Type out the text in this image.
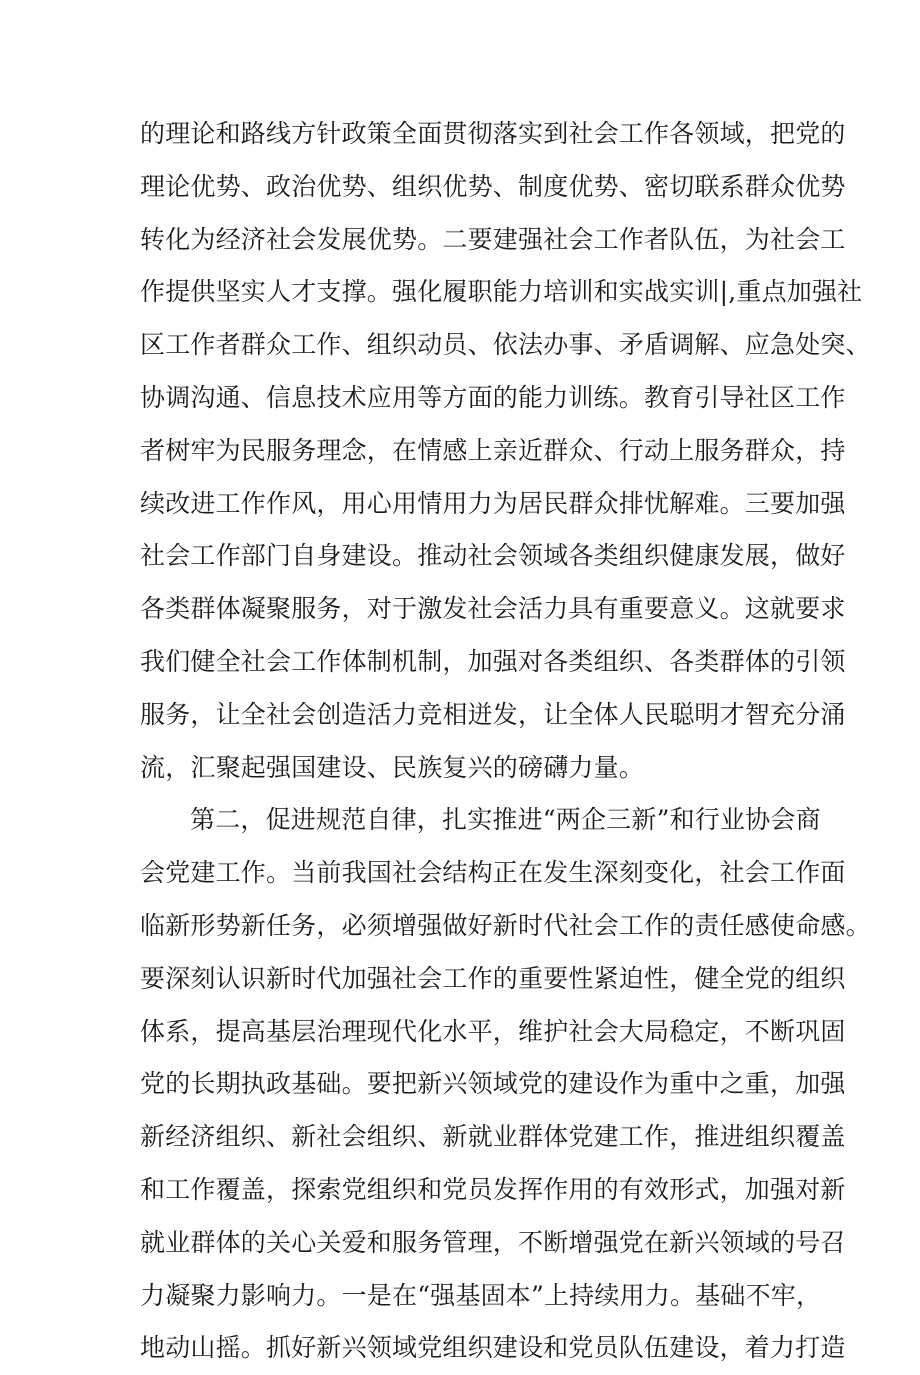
的理论和路线方针政策全面贯彻落实到社会工作各领域，把党的
理论优势、政治优势、组织优势、制度优势、密切联系群众优势
转化为经济社会发展优势。二要建强社会工作者队伍，为社会工
作提供坚实人才支撑。强化履职能力培训和实战实训|,重点加强社
区工作者群众工作、组织动员、依法办事、矛盾调解、应急处突、
协调沟通、信息技术应用等方面的能力训练。教育引导社区工作
者树牢为民服务理念，在情感上亲近群众、行动上服务群众，持
续改进工作作风，用心用情用力为居民群众排忧解难。三要加强
社会工作部门自身建设。推动社会领域各类组织健康发展，做好
各类群体凝聚服务，对于激发社会活力具有重要意义。这就要求
我们健全社会工作体制机制，加强对各类组织、各类群体的引领
服务，让全社会创造活力竞相迸发，让全体人民聪明才智充分涌
流，汇聚起强国建设、民族复兴的磅礴力量。
第二，促进规范自律，扎实推进“两企三新”和行业协会商
会党建工作。当前我国社会结构正在发生深刻变化，社会工作面
临新形势新任务，必须增强做好新时代社会工作的责任感使命感。
要深刻认识新时代加强社会工作的重要性紧迫性，健全党的组织
体系，提高基层治理现代化水平，维护社会大局稳定，不断巩固
党的长期执政基础。要把新兴领域党的建设作为重中之重，加强
新经济组织、新社会组织、新就业群体党建工作，推进组织覆盖
和工作覆盖，探索党组织和党员发挥作用的有效形式，加强对新
就业群体的关心关爱和服务管理，不断增强党在新兴领域的号召
力凝聚力影响力。一是在“强基固本”上持续用力。基础不牢，
地动山摇。抓好新兴领域党组织建设和党员队伍建设，着力打造
